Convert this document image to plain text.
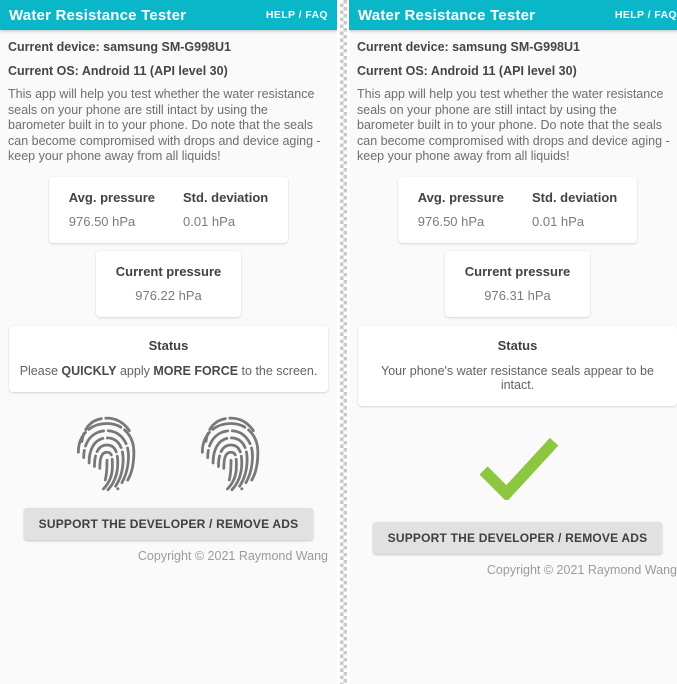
Water Resistance Tester	HELP / FAQ
Current device: samsung SM-G998U1
Current OS: Android 11 (API level 30)
This app will help you test whether the water resistance seals on your phone are still intact by using the barometer built in to your phone. Do note that the seals can become compromised with drops and device aging - keep your phone away from all liquids!
Avg. pressure
976.50 hPa
Std. deviation
0.01 hPa
Current pressure
976.22 hPa
Status
Please QUICKLY apply MORE FORCE to the screen.
SUPPORT THE DEVELOPER / REMOVE ADS
Copyright © 2021 Raymond Wang
Water Resistance Tester	HELP / FAQ
Current device: samsung SM-G998U1
Current OS: Android 11 (API level 30)
This app will help you test whether the water resistance seals on your phone are still intact by using the barometer built in to your phone. Do note that the seals can become compromised with drops and device aging - keep your phone away from all liquids!
Avg. pressure
976.50 hPa
Std. deviation
0.01 hPa
Current pressure
976.31 hPa
Status
Your phone's water resistance seals appear to be intact.
SUPPORT THE DEVELOPER / REMOVE ADS
Copyright © 2021 Raymond Wang
